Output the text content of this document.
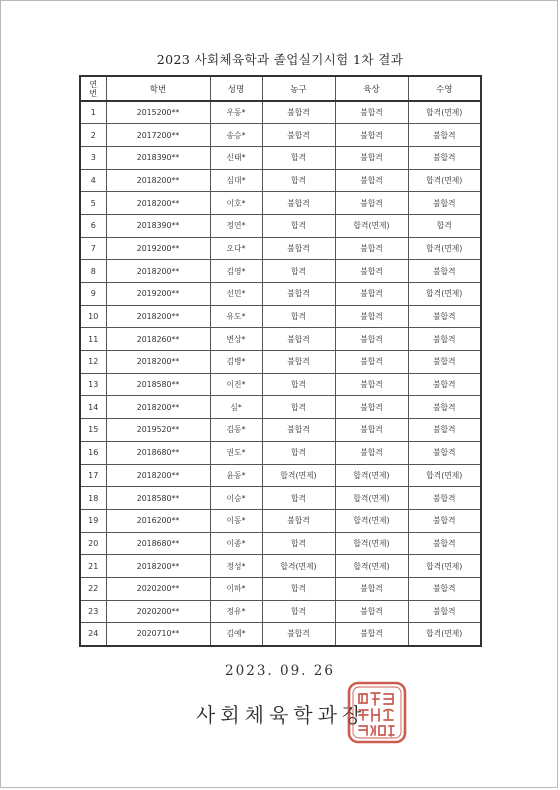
2023 사회체육학과 졸업실기시험 1차 결과
연
번	학번	성명	농구	육상	수영
1	2015200**	우동*	불합격	불합격	합격(면제)
2	2017200**	송승*	불합격	불합격	불합격
3	2018390**	신태*	합격	불합격	불합격
4	2018200**	심대*	합격	불합격	합격(면제)
5	2018200**	이호*	불합격	불합격	불합격
6	2018390**	정연*	합격	합격(면제)	합격
7	2019200**	오다*	불합격	불합격	합격(면제)
8	2018200**	김영*	합격	불합격	불합격
9	2019200**	선민*	불합격	불합격	합격(면제)
10	2018200**	유도*	합격	불합격	불합격
11	2018260**	변상*	불합격	불합격	불합격
12	2018200**	김병*	불합격	불합격	불합격
13	2018580**	이진*	합격	불합격	불합격
14	2018200**	심*	합격	불합격	불합격
15	2019520**	김동*	불합격	불합격	불합격
16	2018680**	권도*	합격	불합격	불합격
17	2018200**	윤동*	합격(면제)	합격(면제)	합격(면제)
18	2018580**	이승*	합격	합격(면제)	불합격
19	2016200**	이동*	불합격	합격(면제)	불합격
20	2018680**	이종*	합격	합격(면제)	불합격
21	2018200**	정성*	합격(면제)	합격(면제)	합격(면제)
22	2020200**	이하*	합격	불합격	불합격
23	2020200**	정유*	합격	불합격	불합격
24	2020710**	김예*	불합격	불합격	합격(면제)
2023. 09. 26
사회체육학과장
